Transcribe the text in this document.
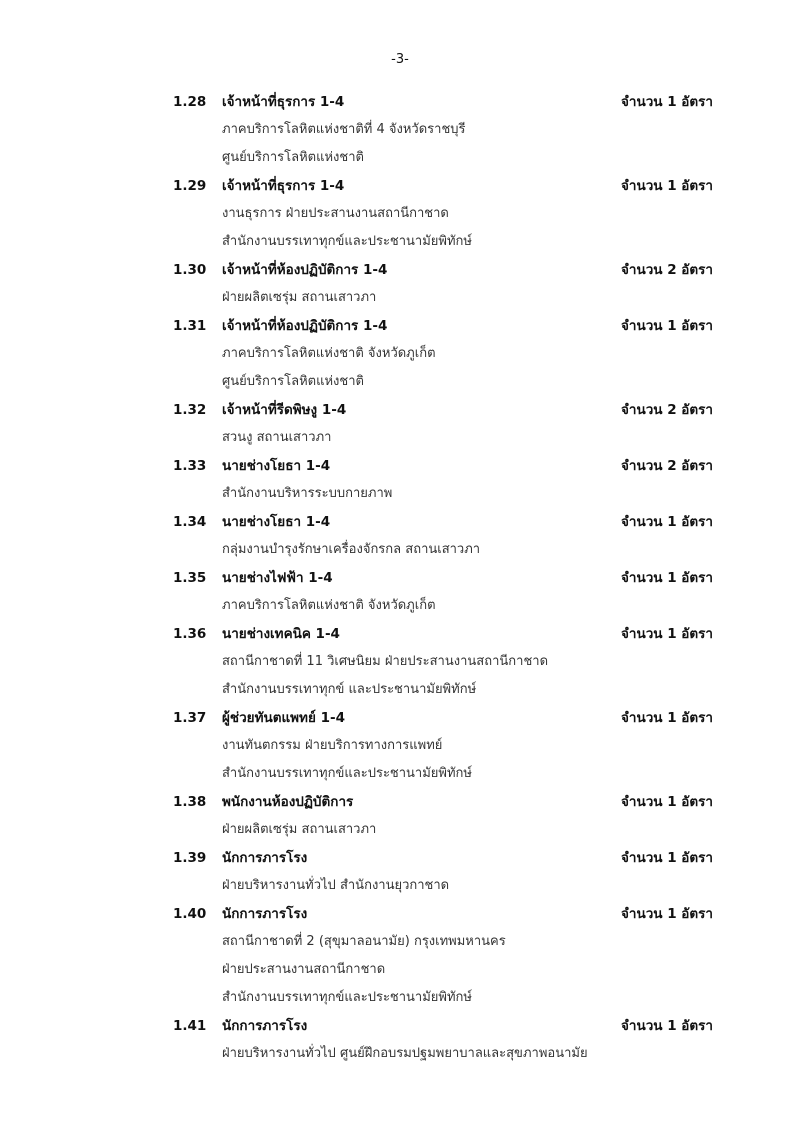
-3-
1.28 เจ้าหน้าที่ธุรการ 1-4	จำนวน 1 อัตรา
ภาคบริการโลหิตแห่งชาติที่ 4 จังหวัดราชบุรี
ศูนย์บริการโลหิตแห่งชาติ
1.29 เจ้าหน้าที่ธุรการ 1-4	จำนวน 1 อัตรา
งานธุรการ ฝ่ายประสานงานสถานีกาชาด
สำนักงานบรรเทาทุกข์และประชานามัยพิทักษ์
1.30 เจ้าหน้าที่ห้องปฏิบัติการ 1-4	จำนวน 2 อัตรา
ฝ่ายผลิตเซรุ่ม สถานเสาวภา
1.31 เจ้าหน้าที่ห้องปฏิบัติการ 1-4	จำนวน 1 อัตรา
ภาคบริการโลหิตแห่งชาติ จังหวัดภูเก็ต
ศูนย์บริการโลหิตแห่งชาติ
1.32 เจ้าหน้าที่รีดพิษงู 1-4	จำนวน 2 อัตรา
สวนงู สถานเสาวภา
1.33 นายช่างโยธา 1-4	จำนวน 2 อัตรา
สำนักงานบริหารระบบกายภาพ
1.34 นายช่างโยธา 1-4	จำนวน 1 อัตรา
กลุ่มงานบำรุงรักษาเครื่องจักรกล สถานเสาวภา
1.35 นายช่างไฟฟ้า 1-4	จำนวน 1 อัตรา
ภาคบริการโลหิตแห่งชาติ จังหวัดภูเก็ต
1.36 นายช่างเทคนิค 1-4	จำนวน 1 อัตรา
สถานีกาชาดที่ 11 วิเศษนิยม ฝ่ายประสานงานสถานีกาชาด
สำนักงานบรรเทาทุกข์ และประชานามัยพิทักษ์
1.37 ผู้ช่วยทันตแพทย์ 1-4	จำนวน 1 อัตรา
งานทันตกรรม ฝ่ายบริการทางการแพทย์
สำนักงานบรรเทาทุกข์และประชานามัยพิทักษ์
1.38 พนักงานห้องปฏิบัติการ	จำนวน 1 อัตรา
ฝ่ายผลิตเซรุ่ม สถานเสาวภา
1.39 นักการภารโรง	จำนวน 1 อัตรา
ฝ่ายบริหารงานทั่วไป สำนักงานยุวกาชาด
1.40 นักการภารโรง	จำนวน 1 อัตรา
สถานีกาชาดที่ 2 (สุขุมาลอนามัย) กรุงเทพมหานคร
ฝ่ายประสานงานสถานีกาชาด
สำนักงานบรรเทาทุกข์และประชานามัยพิทักษ์
1.41 นักการภารโรง	จำนวน 1 อัตรา
ฝ่ายบริหารงานทั่วไป ศูนย์ฝึกอบรมปฐมพยาบาลและสุขภาพอนามัย
